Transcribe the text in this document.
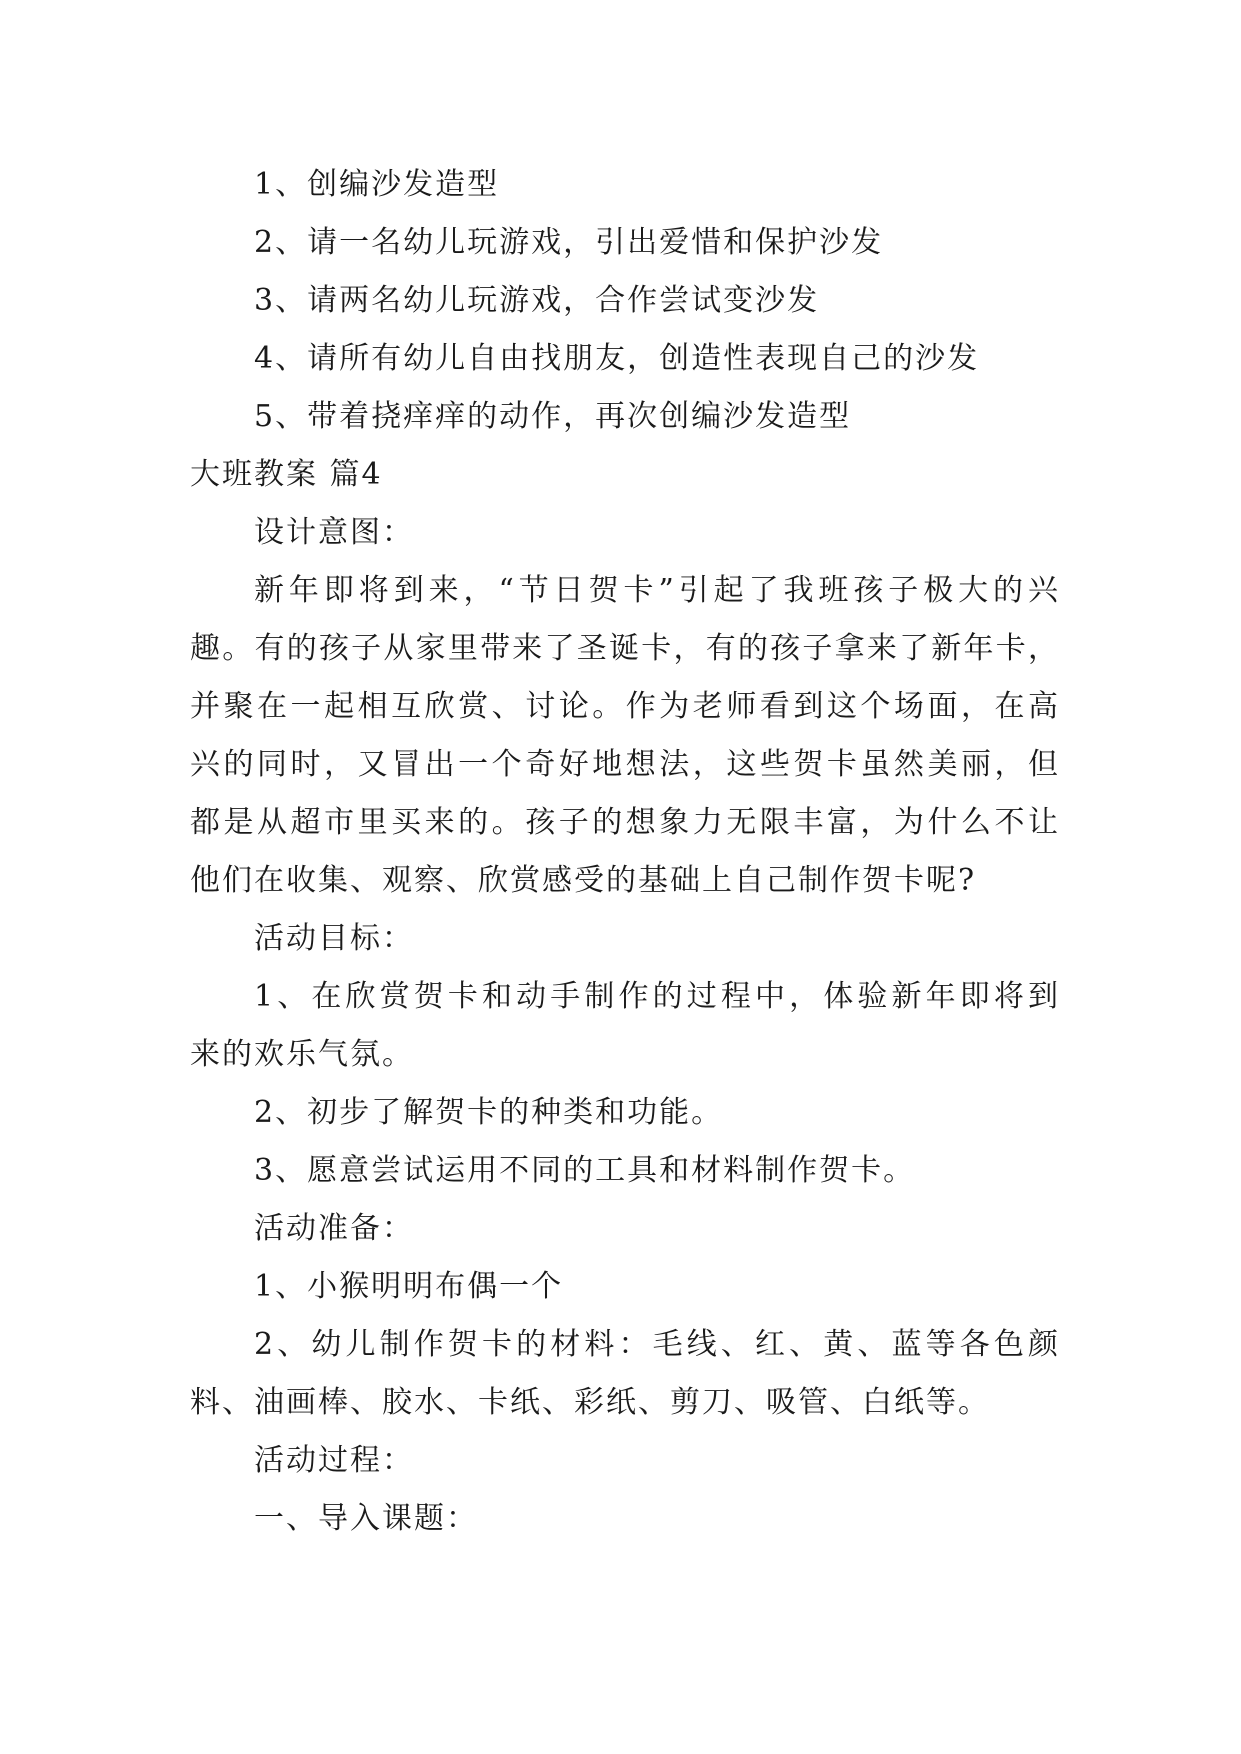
1、创编沙发造型
2、请一名幼儿玩游戏，引出爱惜和保护沙发
3、请两名幼儿玩游戏，合作尝试变沙发
4、请所有幼儿自由找朋友，创造性表现自己的沙发
5、带着挠痒痒的动作，再次创编沙发造型
大班教案 篇4
设计意图：
新年即将到来，“节日贺卡”引起了我班孩子极大的兴
趣。有的孩子从家里带来了圣诞卡，有的孩子拿来了新年卡，
并聚在一起相互欣赏、讨论。作为老师看到这个场面，在高
兴的同时，又冒出一个奇好地想法，这些贺卡虽然美丽，但
都是从超市里买来的。孩子的想象力无限丰富，为什么不让
他们在收集、观察、欣赏感受的基础上自己制作贺卡呢?
活动目标：
1、在欣赏贺卡和动手制作的过程中，体验新年即将到
来的欢乐气氛。
2、初步了解贺卡的种类和功能。
3、愿意尝试运用不同的工具和材料制作贺卡。
活动准备：
1、小猴明明布偶一个
2、幼儿制作贺卡的材料：毛线、红、黄、蓝等各色颜
料、油画棒、胶水、卡纸、彩纸、剪刀、吸管、白纸等。
活动过程：
一、导入课题：
